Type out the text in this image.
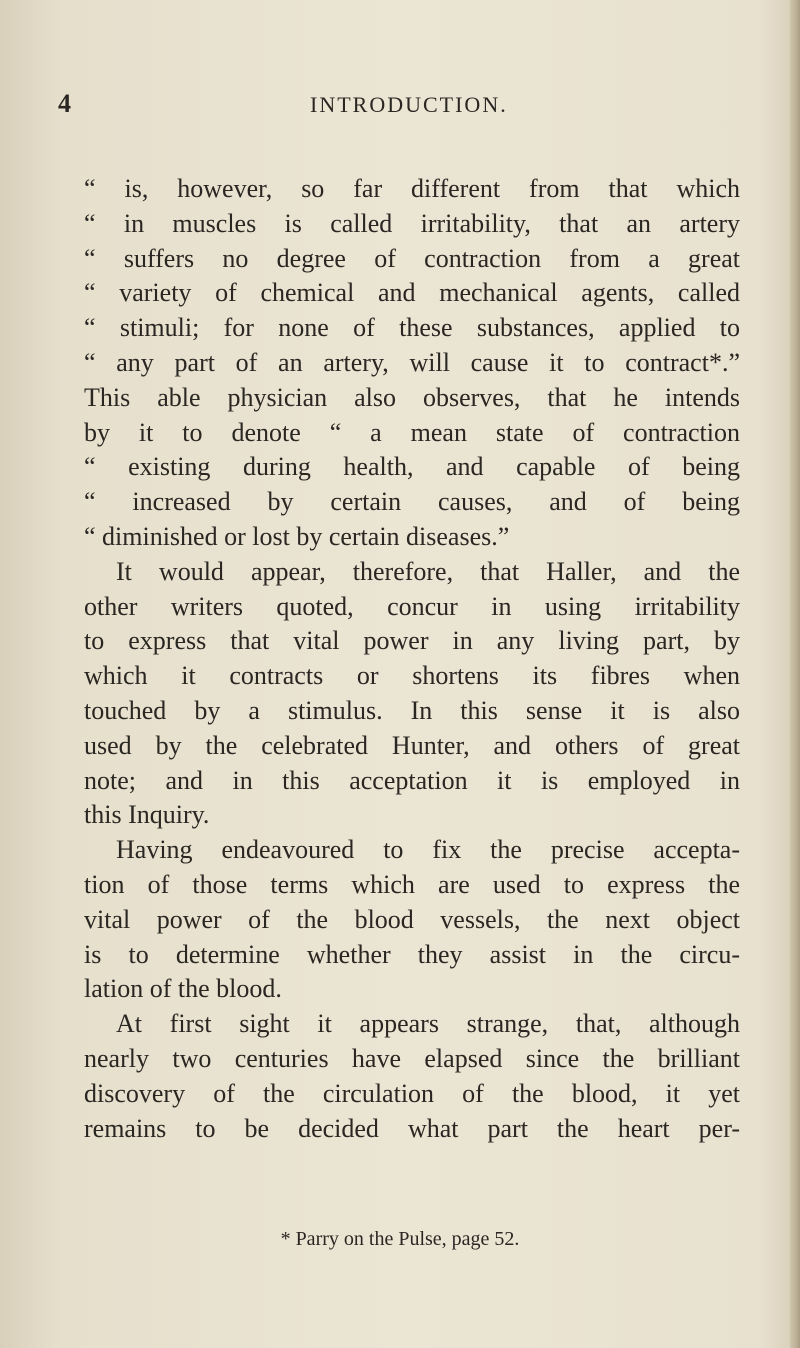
4	INTRODUCTION.
“ is, however, so far different from that which
“ in muscles is called irritability, that an artery
“ suffers no degree of contraction from a great
“ variety of chemical and mechanical agents, called
“ stimuli; for none of these substances, applied to
“ any part of an artery, will cause it to contract*.”
This able physician also observes, that he intends
by it to denote “ a mean state of contraction
“ existing during health, and capable of being
“ increased by certain causes, and of being
“ diminished or lost by certain diseases.”
It would appear, therefore, that Haller, and the
other writers quoted, concur in using irritability
to express that vital power in any living part, by
which it contracts or shortens its fibres when
touched by a stimulus. In this sense it is also
used by the celebrated Hunter, and others of great
note; and in this acceptation it is employed in
this Inquiry.
Having endeavoured to fix the precise accepta-
tion of those terms which are used to express the
vital power of the blood vessels, the next object
is to determine whether they assist in the circu-
lation of the blood.
At first sight it appears strange, that, although
nearly two centuries have elapsed since the brilliant
discovery of the circulation of the blood, it yet
remains to be decided what part the heart per-
* Parry on the Pulse, page 52.
